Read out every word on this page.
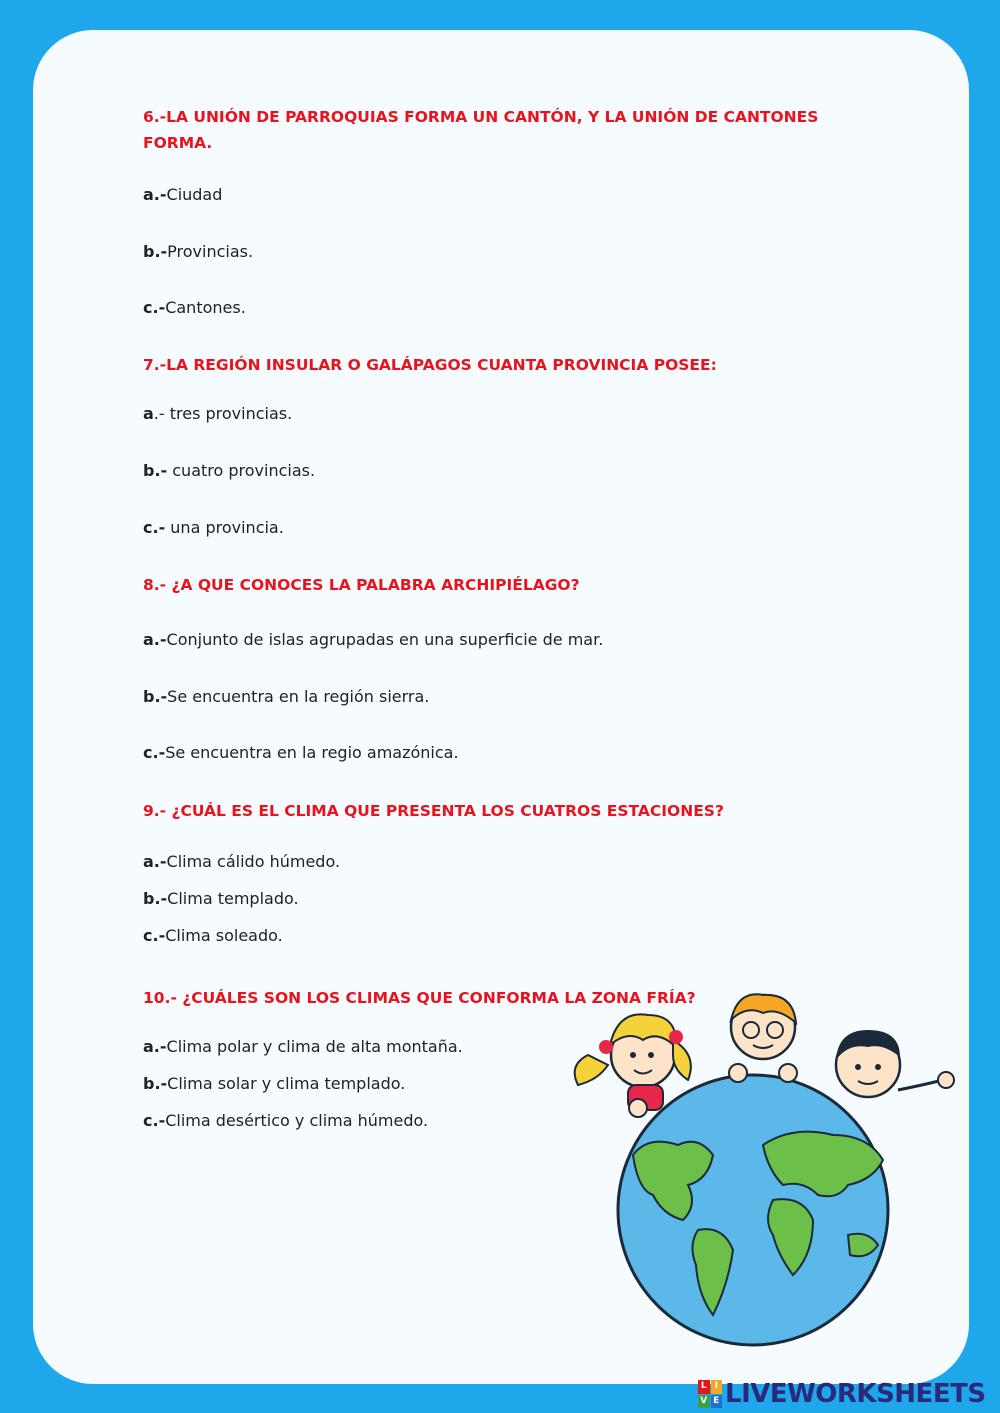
6.-LA UNIÓN DE PARROQUIAS FORMA UN CANTÓN, Y LA UNIÓN DE CANTONES FORMA.

a.-Ciudad

b.-Provincias.

c.-Cantones.

7.-LA REGIÓN INSULAR O GALÁPAGOS CUANTA PROVINCIA POSEE:

a.- tres provincias.

b.- cuatro provincias.

c.- una provincia.

8.- ¿A QUE CONOCES LA PALABRA ARCHIPIÉLAGO?

a.-Conjunto de islas agrupadas en una superficie de mar.

b.-Se encuentra en la región sierra.

c.-Se encuentra en la regio amazónica.

9.- ¿CUÁL ES EL CLIMA QUE PRESENTA LOS CUATROS ESTACIONES?

a.-Clima cálido húmedo.

b.-Clima templado.

c.-Clima soleado.

10.- ¿CUÁLES SON LOS CLIMAS QUE CONFORMA LA ZONA FRÍA?

a.-Clima polar y clima de alta montaña.

b.-Clima solar y clima templado.

c.-Clima desértico y clima húmedo.

L I
V E LIVEWORKSHEETS
